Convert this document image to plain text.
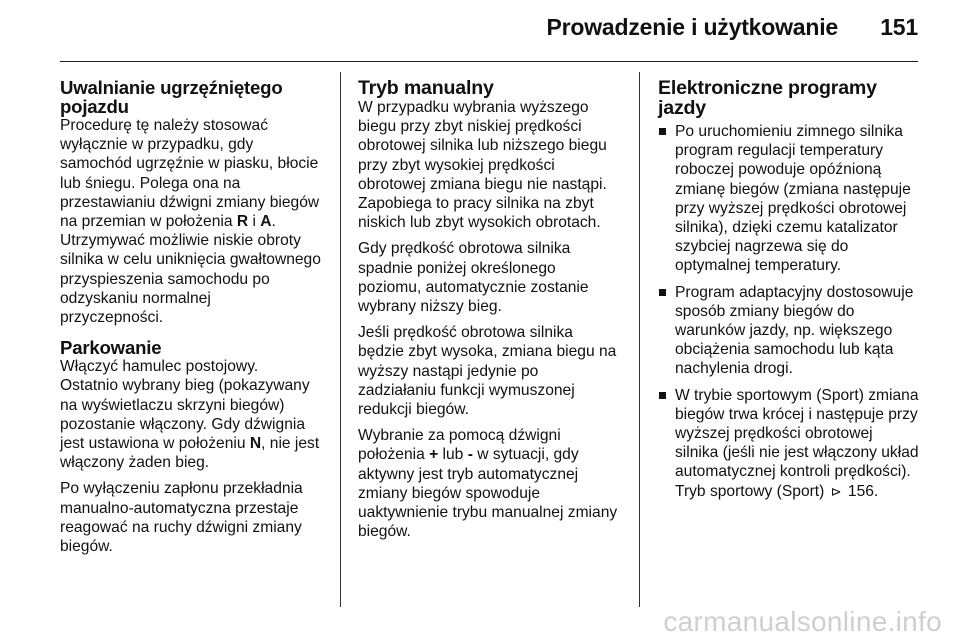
Prowadzenie i użytkowanie 151
Uwalnianie ugrzęźniętego
pojazdu

Procedurę tę należy stosować
wyłącznie w przypadku, gdy
samochód ugrzęźnie w piasku, błocie
lub śniegu. Polega ona na
przestawianiu dźwigni zmiany biegów
na przemian w położenia R i A.
Utrzymywać możliwie niskie obroty
silnika w celu uniknięcia gwałtownego
przyspieszenia samochodu po
odzyskaniu normalnej
przyczepności.

Parkowanie

Włączyć hamulec postojowy.
Ostatnio wybrany bieg (pokazywany
na wyświetlaczu skrzyni biegów)
pozostanie włączony. Gdy dźwignia
jest ustawiona w położeniu N, nie jest
włączony żaden bieg.

Po wyłączeniu zapłonu przekładnia
manualno-automatyczna przestaje
reagować na ruchy dźwigni zmiany
biegów.

Tryb manualny

W przypadku wybrania wyższego
biegu przy zbyt niskiej prędkości
obrotowej silnika lub niższego biegu
przy zbyt wysokiej prędkości
obrotowej zmiana biegu nie nastąpi.
Zapobiega to pracy silnika na zbyt
niskich lub zbyt wysokich obrotach.

Gdy prędkość obrotowa silnika
spadnie poniżej określonego
poziomu, automatycznie zostanie
wybrany niższy bieg.

Jeśli prędkość obrotowa silnika
będzie zbyt wysoka, zmiana biegu na
wyższy nastąpi jedynie po
zadziałaniu funkcji wymuszonej
redukcji biegów.

Wybranie za pomocą dźwigni
położenia + lub - w sytuacji, gdy
aktywny jest tryb automatycznej
zmiany biegów spowoduje
uaktywnienie trybu manualnej zmiany
biegów.

Elektroniczne programy jazdy
Po uruchomieniu zimnego silnika
program regulacji temperatury
roboczej powoduje opóźnioną
zmianę biegów (zmiana następuje
przy wyższej prędkości obrotowej
silnika), dzięki czemu katalizator
szybciej nagrzewa się do
optymalnej temperatury.
Program adaptacyjny dostosowuje
sposób zmiany biegów do
warunków jazdy, np. większego
obciążenia samochodu lub kąta
nachylenia drogi.
W trybie sportowym (Sport) zmiana
biegów trwa krócej i następuje przy
wyższej prędkości obrotowej
silnika (jeśli nie jest włączony układ
automatycznej kontroli prędkości).
Tryb sportowy (Sport) ⊳ 156.
carmanualsonline.info
